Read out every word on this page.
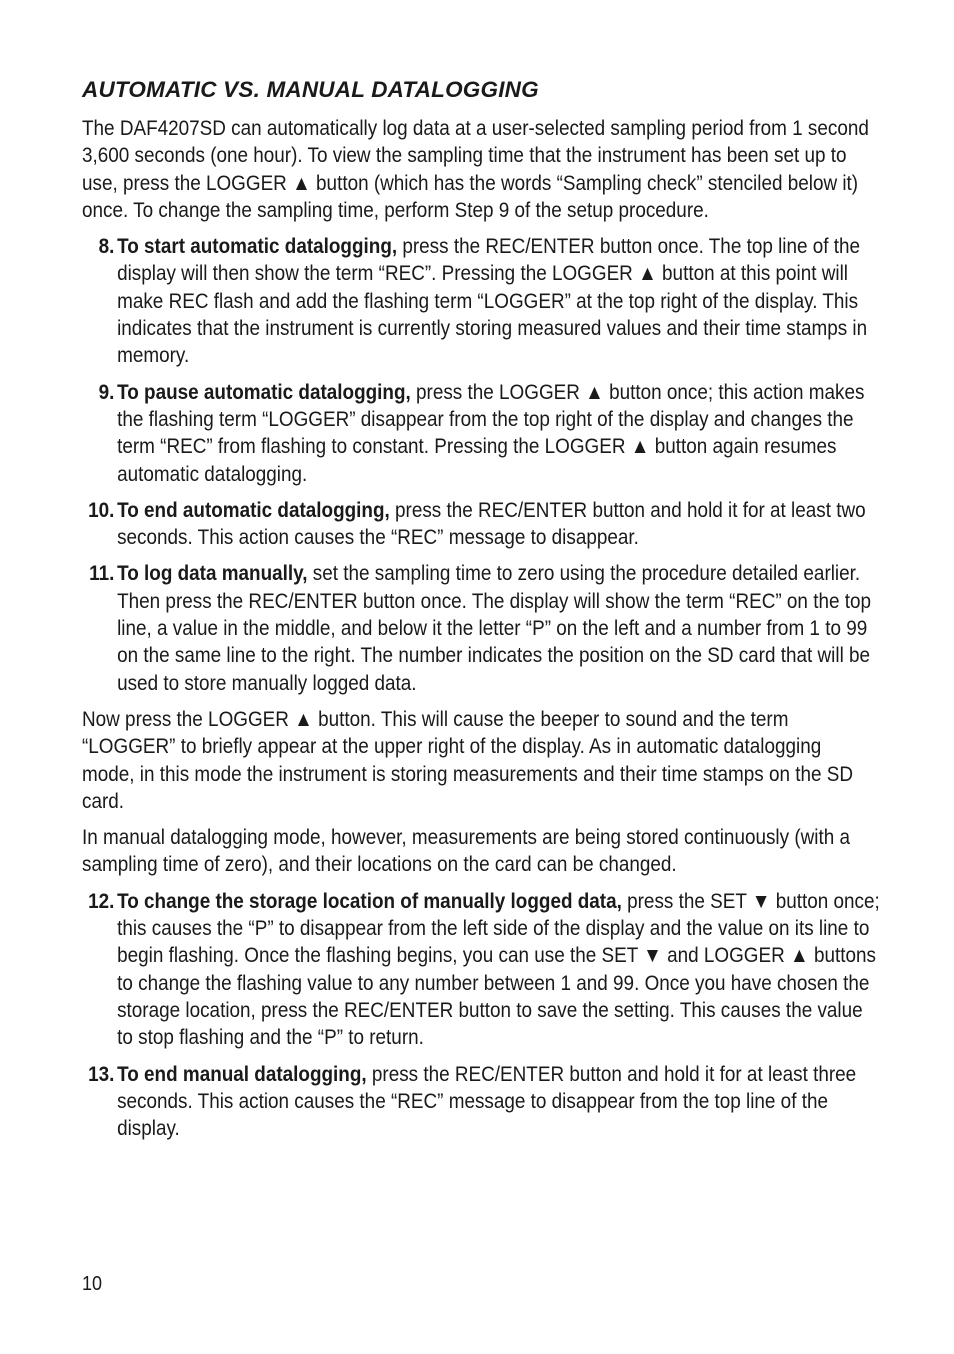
AUTOMATIC VS. MANUAL DATALOGGING

The DAF4207SD can automatically log data at a user-selected sampling period from 1 second 3,600 seconds (one hour). To view the sampling time that the instrument has been set up to use, press the LOGGER ▲ button (which has the words “Sampling check” stenciled below it) once. To change the sampling time, perform Step 9 of the setup procedure.

8. To start automatic datalogging, press the REC/ENTER button once. The top line of the display will then show the term “REC”. Pressing the LOGGER ▲ button at this point will make REC flash and add the flashing term “LOGGER” at the top right of the display. This indicates that the instrument is currently storing measured values and their time stamps in memory.
9. To pause automatic datalogging, press the LOGGER ▲ button once; this action makes the flashing term “LOGGER” disappear from the top right of the display and changes the term “REC” from flashing to constant. Pressing the LOGGER ▲ button again resumes automatic datalogging.
10. To end automatic datalogging, press the REC/ENTER button and hold it for at least two seconds. This action causes the “REC” message to disappear.
11. To log data manually, set the sampling time to zero using the procedure detailed earlier. Then press the REC/ENTER button once. The display will show the term “REC” on the top line, a value in the middle, and below it the letter “P” on the left and a number from 1 to 99 on the same line to the right. The number indicates the position on the SD card that will be used to store manually logged data.

Now press the LOGGER ▲ button. This will cause the beeper to sound and the term “LOGGER” to briefly appear at the upper right of the display. As in automatic datalogging mode, in this mode the instrument is storing measurements and their time stamps on the SD card.

In manual datalogging mode, however, measurements are being stored continuously (with a sampling time of zero), and their locations on the card can be changed.

12. To change the storage location of manually logged data, press the SET ▼ button once; this causes the “P” to disappear from the left side of the display and the value on its line to begin flashing. Once the flashing begins, you can use the SET ▼ and LOGGER ▲ buttons to change the flashing value to any number between 1 and 99. Once you have chosen the storage location, press the REC/ENTER button to save the setting. This causes the value to stop flashing and the “P” to return.
13. To end manual datalogging, press the REC/ENTER button and hold it for at least three seconds. This action causes the “REC” message to disappear from the top line of the display.
10
